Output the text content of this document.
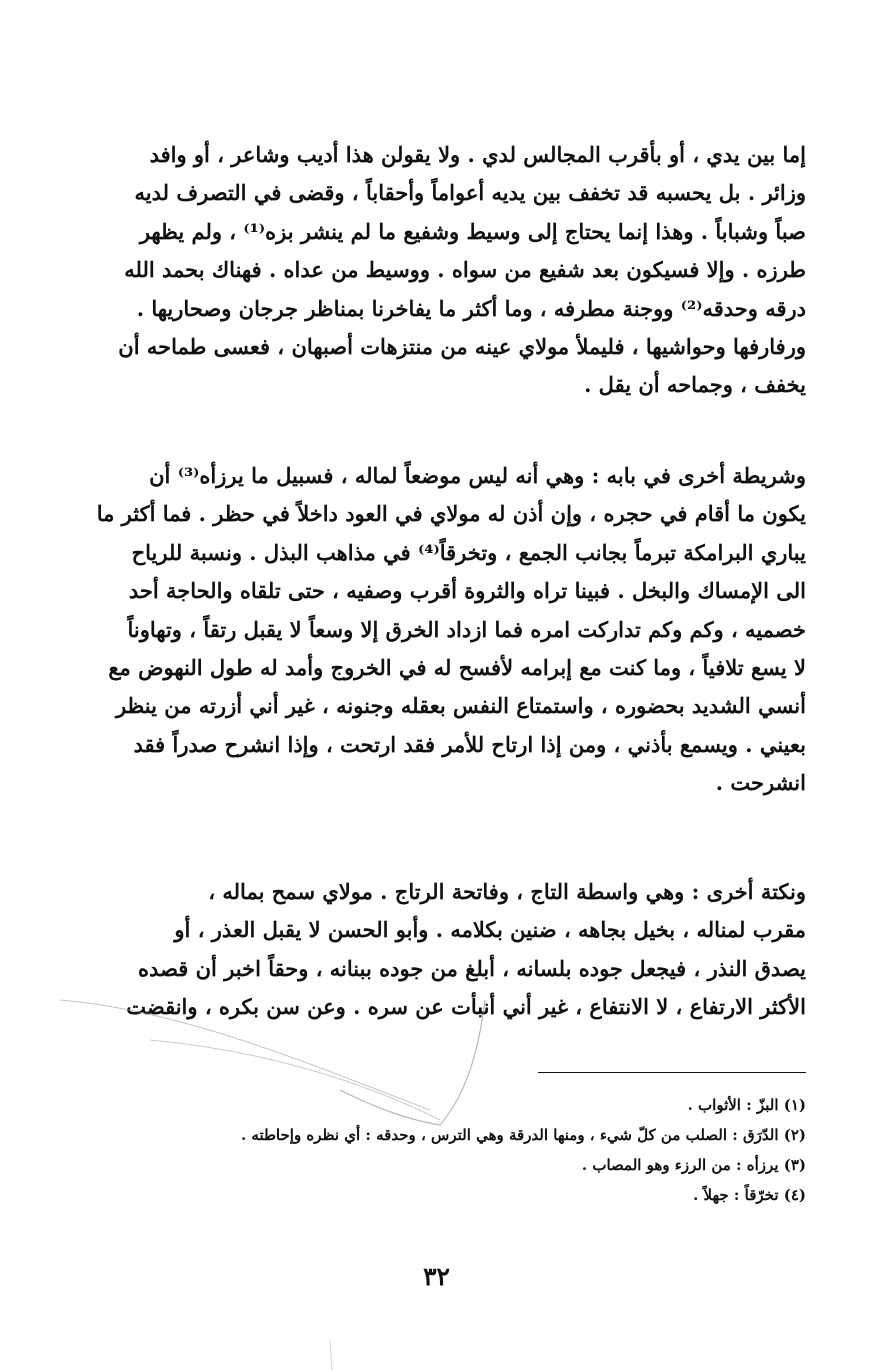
إما بين يدي ، أو بأقرب المجالس لدي . ولا يقولن هذا أديب وشاعر ، أو وافد
وزائر . بل يحسبه قد تخفف بين يديه أعواماً وأحقاباً ، وقضى في التصرف لديه
صباً وشباباً . وهذا إنما يحتاج إلى وسيط وشفيع ما لم ينشر بزه⁽¹⁾ ، ولم يظهر
طرزه . وإلا فسيكون بعد شفيع من سواه . ووسيط من عداه . فهناك بحمد الله
درقه وحدقه⁽²⁾ ووجنة مطرفه ، وما أكثر ما يفاخرنا بمناظر جرجان وصحاريها .
ورفارفها وحواشيها ، فليملأ مولاي عينه من منتزهات أصبهان ، فعسى طماحه أن
يخفف ، وجماحه أن يقل .
وشريطة أخرى في بابه : وهي أنه ليس موضعاً لماله ، فسبيل ما يرزأه⁽³⁾ أن
يكون ما أقام في حجره ، وإن أذن له مولاي في العود داخلاً في حظر . فما أكثر ما
يباري البرامكة تبرماً بجانب الجمع ، وتخرقاً⁽⁴⁾ في مذاهب البذل . ونسبة للرياح
الى الإمساك والبخل . فبينا تراه والثروة أقرب وصفيه ، حتى تلقاه والحاجة أحد
خصميه ، وكم وكم تداركت امره فما ازداد الخرق إلا وسعاً لا يقبل رتقاً ، وتهاوناً
لا يسع تلافياً ، وما كنت مع إبرامه لأفسح له في الخروج وأمد له طول النهوض مع
أنسي الشديد بحضوره ، واستمتاع النفس بعقله وجنونه ، غير أني أزرته من ينظر
بعيني . ويسمع بأذني ، ومن إذا ارتاح للأمر فقد ارتحت ، وإذا انشرح صدراً فقد
انشرحت .
ونكتة أخرى : وهي واسطة التاج ، وفاتحة الرتاج . مولاي سمح بماله ،
مقرب لمناله ، بخيل بجاهه ، ضنين بكلامه . وأبو الحسن لا يقبل العذر ، أو
يصدق النذر ، فيجعل جوده بلسانه ، أبلغ من جوده ببنانه ، وحقاً اخبر أن قصده
الأكثر الارتفاع ، لا الانتفاع ، غير أني أنبأت عن سره . وعن سن بكره ، وانقضت
(١) البزّ : الأثواب .
(٢) الدّرَق : الصلب من كلّ شيء ، ومنها الدرقة وهي الترس ، وحدقه : أي نظره وإحاطته .
(٣) يرزأه : من الرزء وهو المصاب .
(٤) تخرّقاً : جهلاً .
٣٢
